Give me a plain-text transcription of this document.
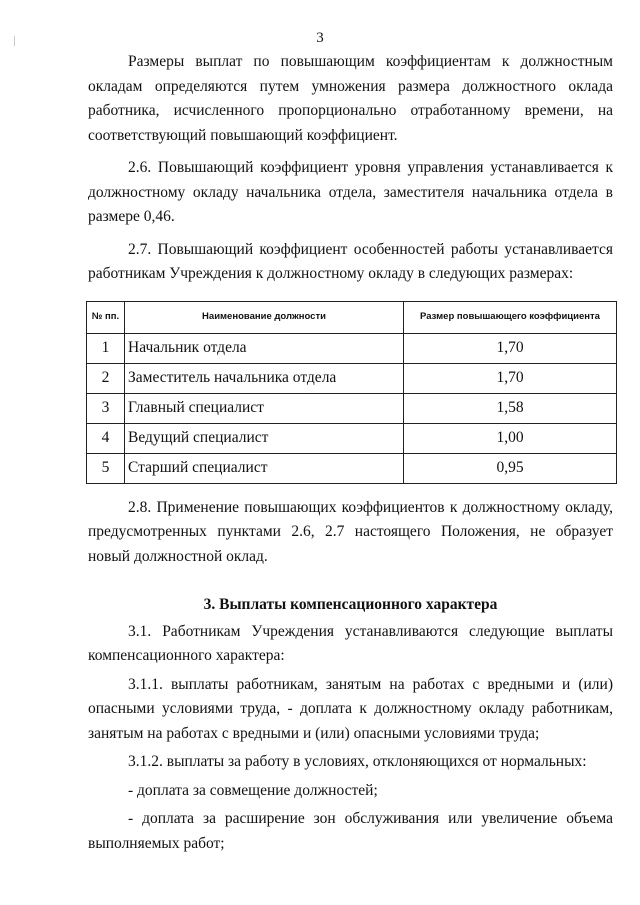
3

Размеры выплат по повышающим коэффициентам к должностным окладам определяются путем умножения размера должностного оклада работника, исчисленного пропорционально отработанному времени, на соответствующий повышающий коэффициент.

2.6. Повышающий коэффициент уровня управления устанавливается к должностному окладу начальника отдела, заместителя начальника отдела в размере 0,46.

2.7. Повышающий коэффициент особенностей работы устанавливается работникам Учреждения к должностному окладу в следующих размерах:

№ пп.	Наименование должности	Размер повышающего коэффициента
1	Начальник отдела	1,70
2	Заместитель начальника отдела	1,70
3	Главный специалист	1,58
4	Ведущий специалист	1,00
5	Старший специалист	0,95

2.8. Применение повышающих коэффициентов к должностному окладу, предусмотренных пунктами 2.6, 2.7 настоящего Положения, не образует новый должностной оклад.

3. Выплаты компенсационного характера

3.1. Работникам Учреждения устанавливаются следующие выплаты компенсационного характера:

3.1.1. выплаты работникам, занятым на работах с вредными и (или) опасными условиями труда, - доплата к должностному окладу работникам, занятым на работах с вредными и (или) опасными условиями труда;

3.1.2. выплаты за работу в условиях, отклоняющихся от нормальных:

- доплата за совмещение должностей;

- доплата за расширение зон обслуживания или увеличение объема выполняемых работ;
